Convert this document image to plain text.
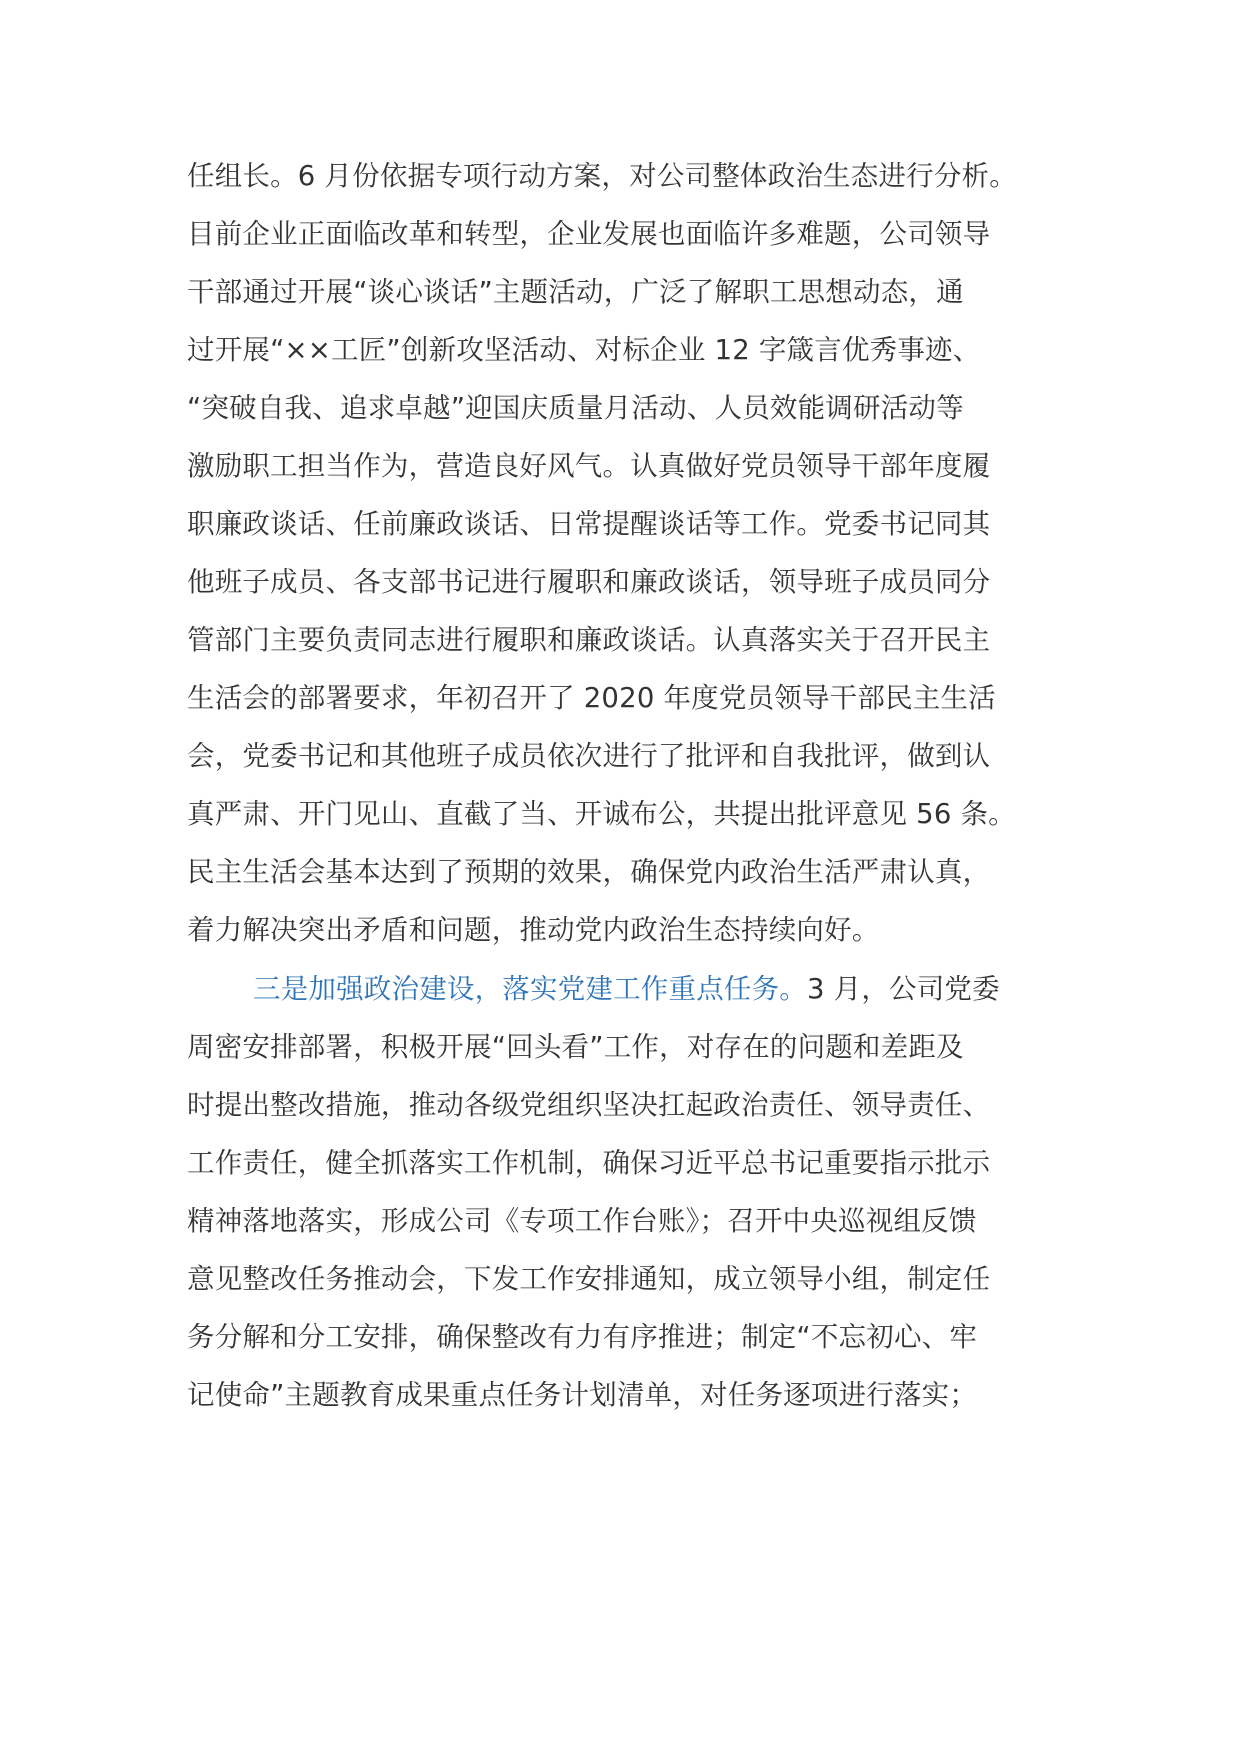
任组长。6 月份依据专项行动方案，对公司整体政治生态进行分析。
目前企业正面临改革和转型，企业发展也面临许多难题，公司领导
干部通过开展“谈心谈话”主题活动，广泛了解职工思想动态，通
过开展“××工匠”创新攻坚活动、对标企业 12 字箴言优秀事迹、
“突破自我、追求卓越”迎国庆质量月活动、人员效能调研活动等
激励职工担当作为，营造良好风气。认真做好党员领导干部年度履
职廉政谈话、任前廉政谈话、日常提醒谈话等工作。党委书记同其
他班子成员、各支部书记进行履职和廉政谈话，领导班子成员同分
管部门主要负责同志进行履职和廉政谈话。认真落实关于召开民主
生活会的部署要求，年初召开了 2020 年度党员领导干部民主生活
会，党委书记和其他班子成员依次进行了批评和自我批评，做到认
真严肃、开门见山、直截了当、开诚布公，共提出批评意见 56 条。
民主生活会基本达到了预期的效果，确保党内政治生活严肃认真，
着力解决突出矛盾和问题，推动党内政治生态持续向好。
三是加强政治建设，落实党建工作重点任务。3 月，公司党委
周密安排部署，积极开展“回头看”工作，对存在的问题和差距及
时提出整改措施，推动各级党组织坚决扛起政治责任、领导责任、
工作责任，健全抓落实工作机制，确保习近平总书记重要指示批示
精神落地落实，形成公司《专项工作台账》；召开中央巡视组反馈
意见整改任务推动会，下发工作安排通知，成立领导小组，制定任
务分解和分工安排，确保整改有力有序推进；制定“不忘初心、牢
记使命”主题教育成果重点任务计划清单，对任务逐项进行落实；
